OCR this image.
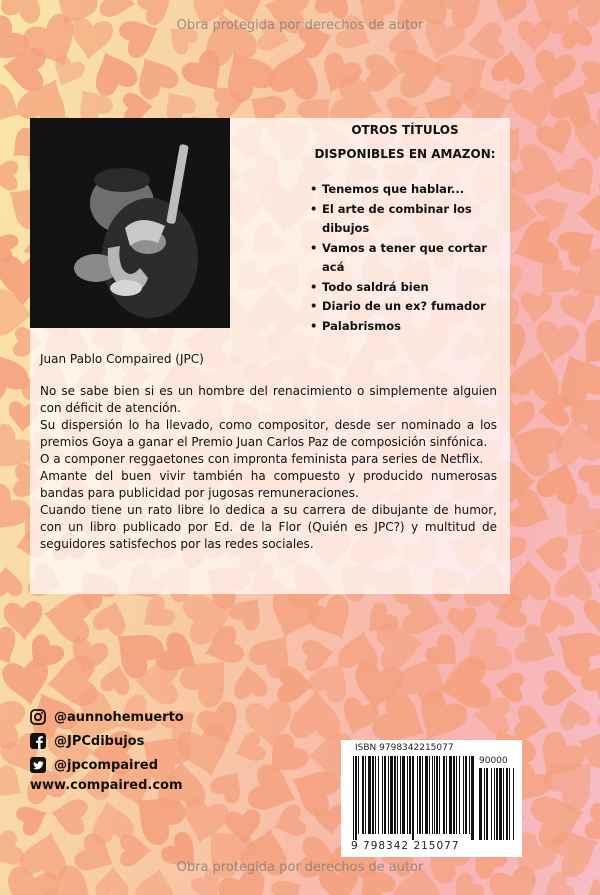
Obra protegida por derechos de autor
OTROS TÍTULOS
DISPONIBLES EN AMAZON:
• Tenemos que hablar...
• El arte de combinar los dibujos
• Vamos a tener que cortar acá
• Todo saldrá bien
• Diario de un ex? fumador
• Palabrismos
Juan Pablo Compaired (JPC)

No se sabe bien si es un hombre del renacimiento o simplemente alguien con déficit de atención.

Su dispersión lo ha llevado, como compositor, desde ser nominado a los premios Goya a ganar el Premio Juan Carlos Paz de composición sinfónica.

O a componer reggaetones con impronta feminista para series de Netflix.

Amante del buen vivir también ha compuesto y producido numerosas bandas para publicidad por jugosas remuneraciones.

Cuando tiene un rato libre lo dedica a su carrera de dibujante de humor, con un libro publicado por Ed. de la Flor (Quién es JPC?) y multitud de seguidores satisfechos por las redes sociales.

@aunnohemuerto
@JPCdibujos
@jpcompaired
www.compaired.com
ISBN 9798342215077
90000
9 798342 215077
Obra protegida por derechos de autor
